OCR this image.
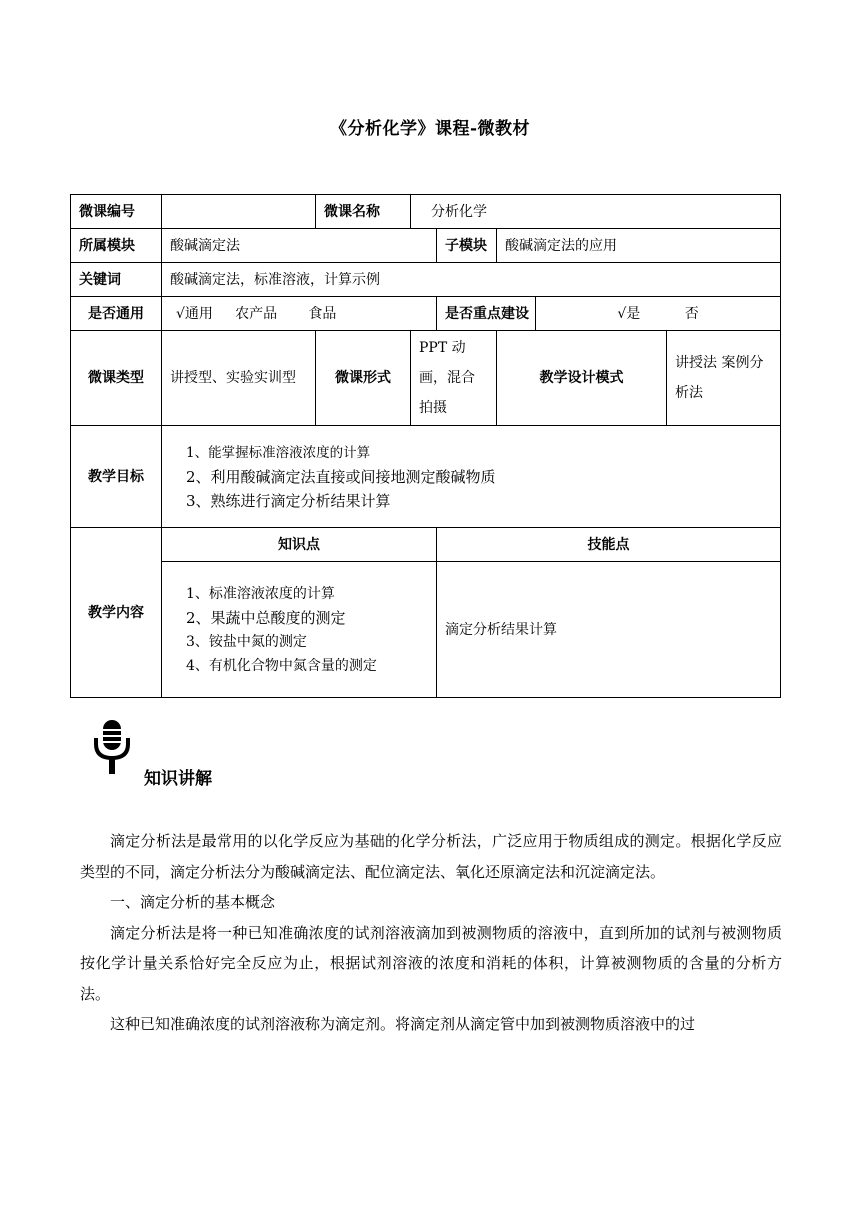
《分析化学》课程-微教材
微课编号		微课名称	分析化学				
所属模块	酸碱滴定法			子模块	酸碱滴定法的应用		
关键词	酸碱滴定法，标准溶液，计算示例						
是否通用	√通用     农产品       食品			是否重点建设		√是          否	
微课类型	讲授型、实验实训型	微课形式	PPT 动画，混合拍摄		教学设计模式		讲授法 案例分析法
教学目标	1、能掌握标准溶液浓度的计算
2、利用酸碱滴定法直接或间接地测定酸碱物质
3、熟练进行滴定分析结果计算						

教学内容	知识点			技能点			

	1、标准溶液浓度的计算
2、果蔬中总酸度的测定
3、铵盐中氮的测定
4、有机化合物中氮含量的测定			滴定分析结果计算			
知识讲解

滴定分析法是最常用的以化学反应为基础的化学分析法，广泛应用于物质组成的测定。根据化学反应类型的不同，滴定分析法分为酸碱滴定法、配位滴定法、氧化还原滴定法和沉淀滴定法。

一、滴定分析的基本概念

滴定分析法是将一种已知准确浓度的试剂溶液滴加到被测物质的溶液中，直到所加的试剂与被测物质按化学计量关系恰好完全反应为止，根据试剂溶液的浓度和消耗的体积，计算被测物质的含量的分析方法。

这种已知准确浓度的试剂溶液称为滴定剂。将滴定剂从滴定管中加到被测物质溶液中的过
